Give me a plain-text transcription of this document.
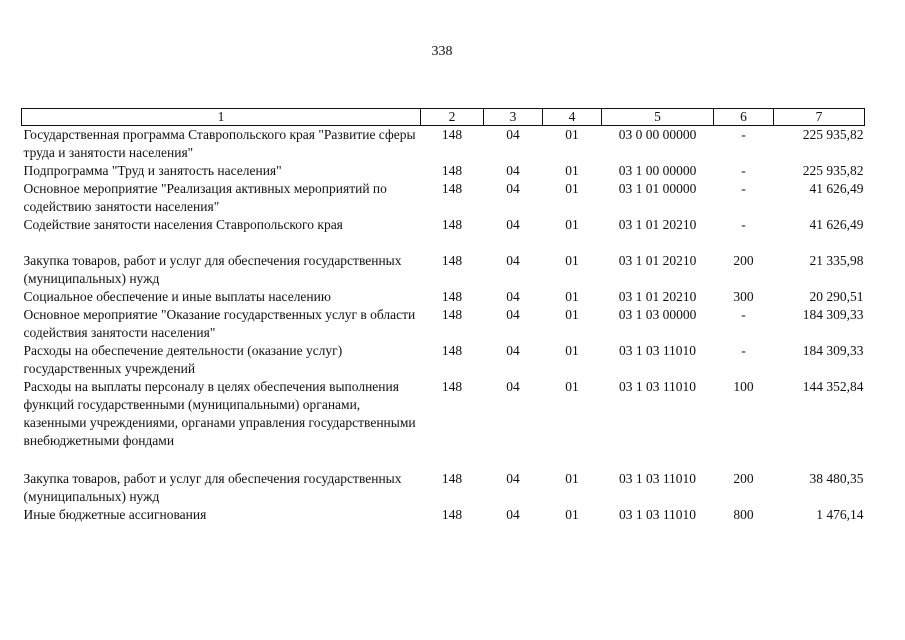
338
1	2	3	4	5	6	7
Государственная программа Ставропольского края "Развитие сферы труда и занятости населения"	148	04	01	03 0 00 00000	-	225 935,82
Подпрограмма "Труд и занятость населения"	148	04	01	03 1 00 00000	-	225 935,82
Основное мероприятие "Реализация активных мероприятий по содействию занятости населения"	148	04	01	03 1 01 00000	-	41 626,49
Содействие занятости населения Ставропольского края	148	04	01	03 1 01 20210	-	41 626,49
Закупка товаров, работ и услуг для обеспечения государственных (муниципальных) нужд	148	04	01	03 1 01 20210	200	21 335,98
Социальное обеспечение и иные выплаты населению	148	04	01	03 1 01 20210	300	20 290,51
Основное мероприятие "Оказание государственных услуг в области содействия занятости населения"	148	04	01	03 1 03 00000	-	184 309,33
Расходы на обеспечение деятельности (оказание услуг) государственных учреждений	148	04	01	03 1 03 11010	-	184 309,33
Расходы на выплаты персоналу в целях обеспечения выполнения функций государственными (муниципальными) органами, казенными учреждениями, органами управления государственными внебюджетными фондами	148	04	01	03 1 03 11010	100	144 352,84
Закупка товаров, работ и услуг для обеспечения государственных (муниципальных) нужд	148	04	01	03 1 03 11010	200	38 480,35
Иные бюджетные ассигнования	148	04	01	03 1 03 11010	800	1 476,14
